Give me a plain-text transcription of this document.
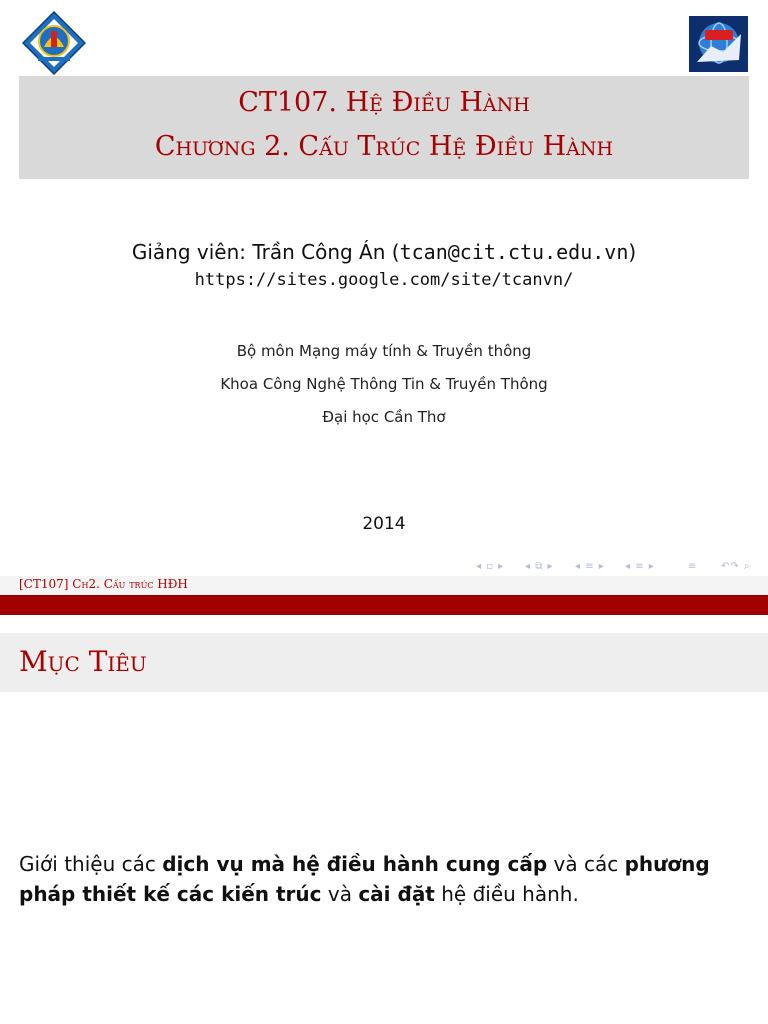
CT107. Hệ Điều Hành
Chương 2. Cấu Trúc Hệ Điều Hành
Giảng viên: Trần Công Án (tcan@cit.ctu.edu.vn)
https://sites.google.com/site/tcanvn/
Bộ môn Mạng máy tính & Truyền thông
Khoa Công Nghệ Thông Tin & Truyền Thông
Đại học Cần Thơ
2014
◂ ▫ ▸ ◂ ⧉ ▸ ◂ ≡ ▸ ◂ ≡ ▸	≡ ↶↷ ⌕
[CT107] Ch2. Cấu trúc HĐH
Mục Tiêu
Giới thiệu các dịch vụ mà hệ điều hành cung cấp và các phương pháp thiết kế các kiến trúc và cài đặt hệ điều hành.
